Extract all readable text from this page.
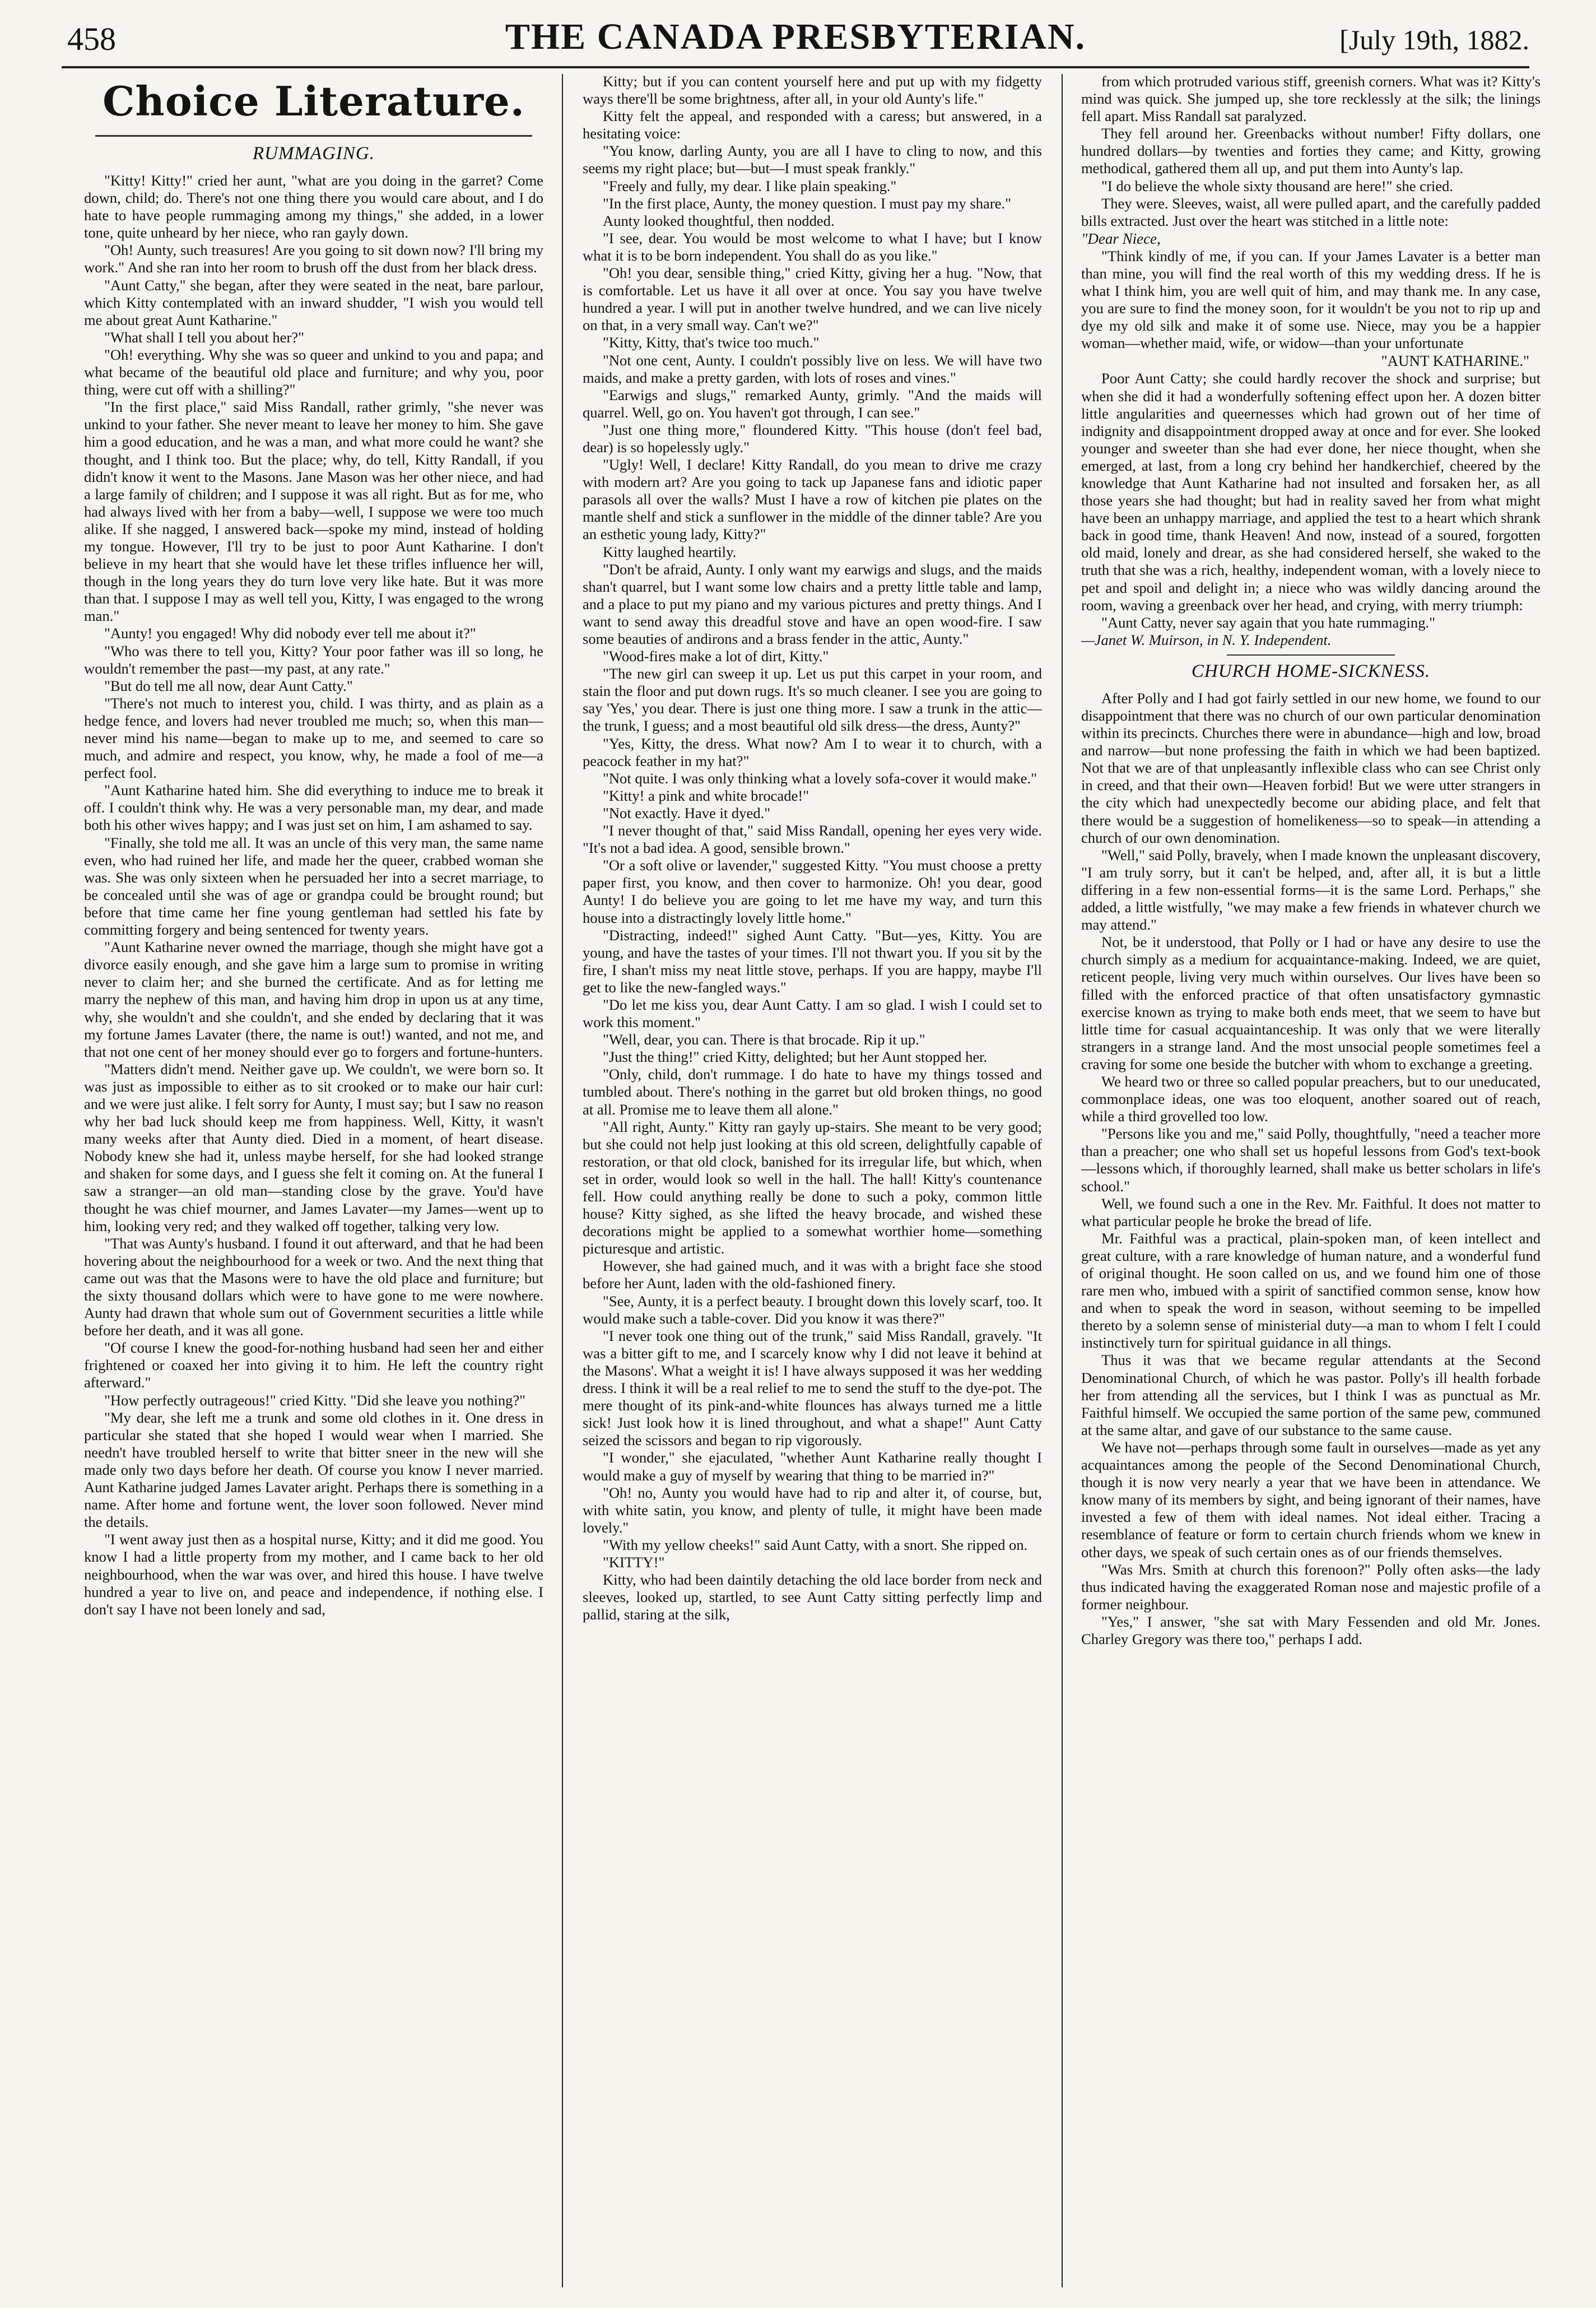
458	THE CANADA PRESBYTERIAN.	[July 19th, 1882.
Choice Literature.
RUMMAGING.

"Kitty! Kitty!" cried her aunt, "what are you doing in the garret? Come down, child; do. There's not one thing there you would care about, and I do hate to have people rummaging among my things," she added, in a lower tone, quite unheard by her niece, who ran gayly down.

"Oh! Aunty, such treasures! Are you going to sit down now? I'll bring my work." And she ran into her room to brush off the dust from her black dress.

"Aunt Catty," she began, after they were seated in the neat, bare parlour, which Kitty contemplated with an inward shudder, "I wish you would tell me about great Aunt Katharine."

"What shall I tell you about her?"

"Oh! everything. Why she was so queer and unkind to you and papa; and what became of the beautiful old place and furniture; and why you, poor thing, were cut off with a shilling?"

"In the first place," said Miss Randall, rather grimly, "she never was unkind to your father. She never meant to leave her money to him. She gave him a good education, and he was a man, and what more could he want? she thought, and I think too. But the place; why, do tell, Kitty Randall, if you didn't know it went to the Masons. Jane Mason was her other niece, and had a large family of children; and I suppose it was all right. But as for me, who had always lived with her from a baby—well, I suppose we were too much alike. If she nagged, I answered back—spoke my mind, instead of holding my tongue. However, I'll try to be just to poor Aunt Katharine. I don't believe in my heart that she would have let these trifles influence her will, though in the long years they do turn love very like hate. But it was more than that. I suppose I may as well tell you, Kitty, I was engaged to the wrong man."

"Aunty! you engaged! Why did nobody ever tell me about it?"

"Who was there to tell you, Kitty? Your poor father was ill so long, he wouldn't remember the past—my past, at any rate."

"But do tell me all now, dear Aunt Catty."

"There's not much to interest you, child. I was thirty, and as plain as a hedge fence, and lovers had never troubled me much; so, when this man—never mind his name—began to make up to me, and seemed to care so much, and admire and respect, you know, why, he made a fool of me—a perfect fool.

"Aunt Katharine hated him. She did everything to induce me to break it off. I couldn't think why. He was a very personable man, my dear, and made both his other wives happy; and I was just set on him, I am ashamed to say.

"Finally, she told me all. It was an uncle of this very man, the same name even, who had ruined her life, and made her the queer, crabbed woman she was. She was only sixteen when he persuaded her into a secret marriage, to be concealed until she was of age or grandpa could be brought round; but before that time came her fine young gentleman had settled his fate by committing forgery and being sentenced for twenty years.

"Aunt Katharine never owned the marriage, though she might have got a divorce easily enough, and she gave him a large sum to promise in writing never to claim her; and she burned the certificate. And as for letting me marry the nephew of this man, and having him drop in upon us at any time, why, she wouldn't and she couldn't, and she ended by declaring that it was my fortune James Lavater (there, the name is out!) wanted, and not me, and that not one cent of her money should ever go to forgers and fortune-hunters.

"Matters didn't mend. Neither gave up. We couldn't, we were born so. It was just as impossible to either as to sit crooked or to make our hair curl: and we were just alike. I felt sorry for Aunty, I must say; but I saw no reason why her bad luck should keep me from happiness. Well, Kitty, it wasn't many weeks after that Aunty died. Died in a moment, of heart disease. Nobody knew she had it, unless maybe herself, for she had looked strange and shaken for some days, and I guess she felt it coming on. At the funeral I saw a stranger—an old man—standing close by the grave. You'd have thought he was chief mourner, and James Lavater—my James—went up to him, looking very red; and they walked off together, talking very low.

"That was Aunty's husband. I found it out afterward, and that he had been hovering about the neighbourhood for a week or two. And the next thing that came out was that the Masons were to have the old place and furniture; but the sixty thousand dollars which were to have gone to me were nowhere. Aunty had drawn that whole sum out of Government securities a little while before her death, and it was all gone.

"Of course I knew the good-for-nothing husband had seen her and either frightened or coaxed her into giving it to him. He left the country right afterward."

"How perfectly outrageous!" cried Kitty. "Did she leave you nothing?"

"My dear, she left me a trunk and some old clothes in it. One dress in particular she stated that she hoped I would wear when I married. She needn't have troubled herself to write that bitter sneer in the new will she made only two days before her death. Of course you know I never married. Aunt Katharine judged James Lavater aright. Perhaps there is something in a name. After home and fortune went, the lover soon followed. Never mind the details.

"I went away just then as a hospital nurse, Kitty; and it did me good. You know I had a little property from my mother, and I came back to her old neighbourhood, when the war was over, and hired this house. I have twelve hundred a year to live on, and peace and independence, if nothing else. I don't say I have not been lonely and sad,

Kitty; but if you can content yourself here and put up with my fidgetty ways there'll be some brightness, after all, in your old Aunty's life."

Kitty felt the appeal, and responded with a caress; but answered, in a hesitating voice:

"You know, darling Aunty, you are all I have to cling to now, and this seems my right place; but—but—I must speak frankly."

"Freely and fully, my dear. I like plain speaking."

"In the first place, Aunty, the money question. I must pay my share."

Aunty looked thoughtful, then nodded.

"I see, dear. You would be most welcome to what I have; but I know what it is to be born independent. You shall do as you like."

"Oh! you dear, sensible thing," cried Kitty, giving her a hug. "Now, that is comfortable. Let us have it all over at once. You say you have twelve hundred a year. I will put in another twelve hundred, and we can live nicely on that, in a very small way. Can't we?"

"Kitty, Kitty, that's twice too much."

"Not one cent, Aunty. I couldn't possibly live on less. We will have two maids, and make a pretty garden, with lots of roses and vines."

"Earwigs and slugs," remarked Aunty, grimly. "And the maids will quarrel. Well, go on. You haven't got through, I can see."

"Just one thing more," floundered Kitty. "This house (don't feel bad, dear) is so hopelessly ugly."

"Ugly! Well, I declare! Kitty Randall, do you mean to drive me crazy with modern art? Are you going to tack up Japanese fans and idiotic paper parasols all over the walls? Must I have a row of kitchen pie plates on the mantle shelf and stick a sunflower in the middle of the dinner table? Are you an esthetic young lady, Kitty?"

Kitty laughed heartily.

"Don't be afraid, Aunty. I only want my earwigs and slugs, and the maids shan't quarrel, but I want some low chairs and a pretty little table and lamp, and a place to put my piano and my various pictures and pretty things. And I want to send away this dreadful stove and have an open wood-fire. I saw some beauties of andirons and a brass fender in the attic, Aunty."

"Wood-fires make a lot of dirt, Kitty."

"The new girl can sweep it up. Let us put this carpet in your room, and stain the floor and put down rugs. It's so much cleaner. I see you are going to say 'Yes,' you dear. There is just one thing more. I saw a trunk in the attic—the trunk, I guess; and a most beautiful old silk dress—the dress, Aunty?"

"Yes, Kitty, the dress. What now? Am I to wear it to church, with a peacock feather in my hat?"

"Not quite. I was only thinking what a lovely sofa-cover it would make."

"Kitty! a pink and white brocade!"

"Not exactly. Have it dyed."

"I never thought of that," said Miss Randall, opening her eyes very wide. "It's not a bad idea. A good, sensible brown."

"Or a soft olive or lavender," suggested Kitty. "You must choose a pretty paper first, you know, and then cover to harmonize. Oh! you dear, good Aunty! I do believe you are going to let me have my way, and turn this house into a distractingly lovely little home."

"Distracting, indeed!" sighed Aunt Catty. "But—yes, Kitty. You are young, and have the tastes of your times. I'll not thwart you. If you sit by the fire, I shan't miss my neat little stove, perhaps. If you are happy, maybe I'll get to like the new-fangled ways."

"Do let me kiss you, dear Aunt Catty. I am so glad. I wish I could set to work this moment."

"Well, dear, you can. There is that brocade. Rip it up."

"Just the thing!" cried Kitty, delighted; but her Aunt stopped her.

"Only, child, don't rummage. I do hate to have my things tossed and tumbled about. There's nothing in the garret but old broken things, no good at all. Promise me to leave them all alone."

"All right, Aunty." Kitty ran gayly up-stairs. She meant to be very good; but she could not help just looking at this old screen, delightfully capable of restoration, or that old clock, banished for its irregular life, but which, when set in order, would look so well in the hall. The hall! Kitty's countenance fell. How could anything really be done to such a poky, common little house? Kitty sighed, as she lifted the heavy brocade, and wished these decorations might be applied to a somewhat worthier home—something picturesque and artistic.

However, she had gained much, and it was with a bright face she stood before her Aunt, laden with the old-fashioned finery.

"See, Aunty, it is a perfect beauty. I brought down this lovely scarf, too. It would make such a table-cover. Did you know it was there?"

"I never took one thing out of the trunk," said Miss Randall, gravely. "It was a bitter gift to me, and I scarcely know why I did not leave it behind at the Masons'. What a weight it is! I have always supposed it was her wedding dress. I think it will be a real relief to me to send the stuff to the dye-pot. The mere thought of its pink-and-white flounces has always turned me a little sick! Just look how it is lined throughout, and what a shape!" Aunt Catty seized the scissors and began to rip vigorously.

"I wonder," she ejaculated, "whether Aunt Katharine really thought I would make a guy of myself by wearing that thing to be married in?"

"Oh! no, Aunty you would have had to rip and alter it, of course, but, with white satin, you know, and plenty of tulle, it might have been made lovely."

"With my yellow cheeks!" said Aunt Catty, with a snort. She ripped on.

"KITTY!"

Kitty, who had been daintily detaching the old lace border from neck and sleeves, looked up, startled, to see Aunt Catty sitting perfectly limp and pallid, staring at the silk,

from which protruded various stiff, greenish corners. What was it? Kitty's mind was quick. She jumped up, she tore recklessly at the silk; the linings fell apart. Miss Randall sat paralyzed.

They fell around her. Greenbacks without number! Fifty dollars, one hundred dollars—by twenties and forties they came; and Kitty, growing methodical, gathered them all up, and put them into Aunty's lap.

"I do believe the whole sixty thousand are here!" she cried.

They were. Sleeves, waist, all were pulled apart, and the carefully padded bills extracted. Just over the heart was stitched in a little note:

"Dear Niece,

"Think kindly of me, if you can. If your James Lavater is a better man than mine, you will find the real worth of this my wedding dress. If he is what I think him, you are well quit of him, and may thank me. In any case, you are sure to find the money soon, for it wouldn't be you not to rip up and dye my old silk and make it of some use. Niece, may you be a happier woman—whether maid, wife, or widow—than your unfortunate

"AUNT KATHARINE."

Poor Aunt Catty; she could hardly recover the shock and surprise; but when she did it had a wonderfully softening effect upon her. A dozen bitter little angularities and queernesses which had grown out of her time of indignity and disappointment dropped away at once and for ever. She looked younger and sweeter than she had ever done, her niece thought, when she emerged, at last, from a long cry behind her handkerchief, cheered by the knowledge that Aunt Katharine had not insulted and forsaken her, as all those years she had thought; but had in reality saved her from what might have been an unhappy marriage, and applied the test to a heart which shrank back in good time, thank Heaven! And now, instead of a soured, forgotten old maid, lonely and drear, as she had considered herself, she waked to the truth that she was a rich, healthy, independent woman, with a lovely niece to pet and spoil and delight in; a niece who was wildly dancing around the room, waving a greenback over her head, and crying, with merry triumph:

"Aunt Catty, never say again that you hate rummaging."

—Janet W. Muirson, in N. Y. Independent.

CHURCH HOME-SICKNESS.

After Polly and I had got fairly settled in our new home, we found to our disappointment that there was no church of our own particular denomination within its precincts. Churches there were in abundance—high and low, broad and narrow—but none professing the faith in which we had been baptized. Not that we are of that unpleasantly inflexible class who can see Christ only in creed, and that their own—Heaven forbid! But we were utter strangers in the city which had unexpectedly become our abiding place, and felt that there would be a suggestion of homelikeness—so to speak—in attending a church of our own denomination.

"Well," said Polly, bravely, when I made known the unpleasant discovery, "I am truly sorry, but it can't be helped, and, after all, it is but a little differing in a few non-essential forms—it is the same Lord. Perhaps," she added, a little wistfully, "we may make a few friends in whatever church we may attend."

Not, be it understood, that Polly or I had or have any desire to use the church simply as a medium for acquaintance-making. Indeed, we are quiet, reticent people, living very much within ourselves. Our lives have been so filled with the enforced practice of that often unsatisfactory gymnastic exercise known as trying to make both ends meet, that we seem to have but little time for casual acquaintanceship. It was only that we were literally strangers in a strange land. And the most unsocial people sometimes feel a craving for some one beside the butcher with whom to exchange a greeting.

We heard two or three so called popular preachers, but to our uneducated, commonplace ideas, one was too eloquent, another soared out of reach, while a third grovelled too low.

"Persons like you and me," said Polly, thoughtfully, "need a teacher more than a preacher; one who shall set us hopeful lessons from God's text-book—lessons which, if thoroughly learned, shall make us better scholars in life's school."

Well, we found such a one in the Rev. Mr. Faithful. It does not matter to what particular people he broke the bread of life.

Mr. Faithful was a practical, plain-spoken man, of keen intellect and great culture, with a rare knowledge of human nature, and a wonderful fund of original thought. He soon called on us, and we found him one of those rare men who, imbued with a spirit of sanctified common sense, know how and when to speak the word in season, without seeming to be impelled thereto by a solemn sense of ministerial duty—a man to whom I felt I could instinctively turn for spiritual guidance in all things.

Thus it was that we became regular attendants at the Second Denominational Church, of which he was pastor. Polly's ill health forbade her from attending all the services, but I think I was as punctual as Mr. Faithful himself. We occupied the same portion of the same pew, communed at the same altar, and gave of our substance to the same cause.

We have not—perhaps through some fault in ourselves—made as yet any acquaintances among the people of the Second Denominational Church, though it is now very nearly a year that we have been in attendance. We know many of its members by sight, and being ignorant of their names, have invested a few of them with ideal names. Not ideal either. Tracing a resemblance of feature or form to certain church friends whom we knew in other days, we speak of such certain ones as of our friends themselves.

"Was Mrs. Smith at church this forenoon?" Polly often asks—the lady thus indicated having the exaggerated Roman nose and majestic profile of a former neighbour.

"Yes," I answer, "she sat with Mary Fessenden and old Mr. Jones. Charley Gregory was there too," perhaps I add.
